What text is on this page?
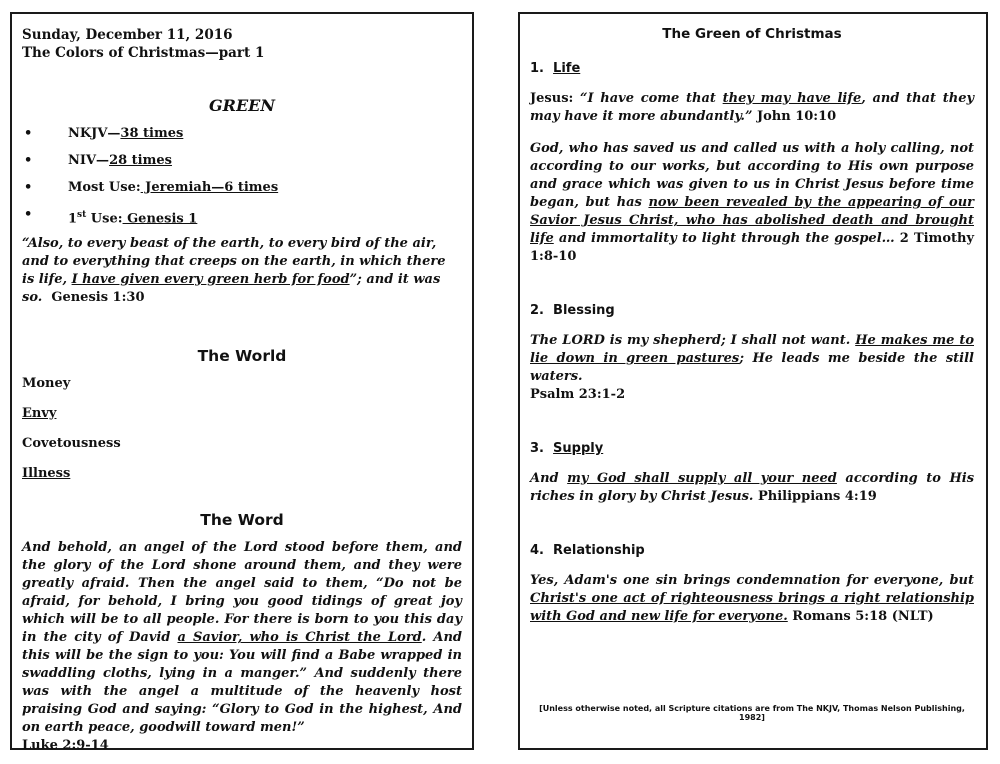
Sunday, December 11, 2016
The Colors of Christmas—part 1
GREEN
•	NKJV—38 times
•	NIV—28 times
•	Most Use: Jeremiah—6 times
•	1st Use: Genesis 1
“Also, to every beast of the earth, to every bird of the air, and to everything that creeps on the earth, in which there is life, I have given every green herb for food”; and it was so. Genesis 1:30
The World
Money
Envy
Covetousness
Illness
The Word
And behold, an angel of the Lord stood before them, and the glory of the Lord shone around them, and they were greatly afraid. Then the angel said to them, “Do not be afraid, for behold, I bring you good tidings of great joy which will be to all people. For there is born to you this day in the city of David a Savior, who is Christ the Lord. And this will be the sign to you: You will find a Babe wrapped in swaddling cloths, lying in a manger.” And suddenly there was with the angel a multitude of the heavenly host praising God and saying: “Glory to God in the highest, And on earth peace, goodwill toward men!”
Luke 2:9-14
The Green of Christmas
1. Life
Jesus: “I have come that they may have life, and that they may have it more abundantly.” John 10:10
God, who has saved us and called us with a holy calling, not according to our works, but according to His own purpose and grace which was given to us in Christ Jesus before time began, but has now been revealed by the appearing of our Savior Jesus Christ, who has abolished death and brought life and immortality to light through the gospel… 2 Timothy 1:8-10
2. Blessing
The LORD is my shepherd; I shall not want. He makes me to lie down in green pastures; He leads me beside the still waters.
Psalm 23:1-2
3. Supply
And my God shall supply all your need according to His riches in glory by Christ Jesus. Philippians 4:19
4. Relationship
Yes, Adam's one sin brings condemnation for everyone, but Christ's one act of righteousness brings a right relationship with God and new life for everyone. Romans 5:18 (NLT)
[Unless otherwise noted, all Scripture citations are from The NKJV, Thomas Nelson Publishing, 1982]
